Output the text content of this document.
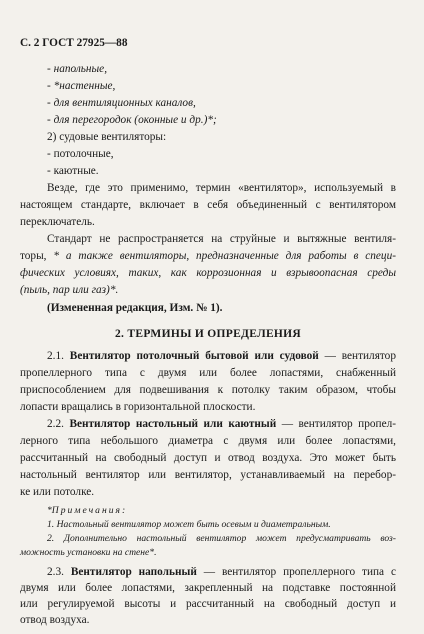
С. 2 ГОСТ 27925—88
- напольные,
- *настенные,
- для вентиляционных каналов,
- для перегородок (оконные и др.)*;
2) судовые вентиляторы:
- потолочные,
- каютные.
Везде, где это применимо, термин «вентилятор», используемый в
настоящем стандарте, включает в себя объединенный с вентилятором
переключатель.
Стандарт не распространяется на струйные и вытяжные вентиля-
торы, * а также вентиляторы, предназначенные для работы в специ-
фических условиях, таких, как коррозионная и взрывоопасная среды
(пыль, пар или газ)*.
(Измененная редакция, Изм. № 1).
2. ТЕРМИНЫ И ОПРЕДЕЛЕНИЯ
2.1. Вентилятор потолочный бытовой или судовой — вентилятор
пропеллерного типа с двумя или более лопастями, снабженный
приспособлением для подвешивания к потолку таким образом, чтобы
лопасти вращались в горизонтальной плоскости.
2.2. Вентилятор настольный или каютный — вентилятор пропел-
лерного типа небольшого диаметра с двумя или более лопастями,
рассчитанный на свободный доступ и отвод воздуха. Это может быть
настольный вентилятор или вентилятор, устанавливаемый на перебор-
ке или потолке.
*Примечания:
1. Настольный вентилятор может быть осевым и диаметральным.
2. Дополнительно настольный вентилятор может предусматривать воз-
можность установки на стене*.
2.3. Вентилятор напольный — вентилятор пропеллерного типа с
двумя или более лопастями, закрепленный на подставке постоянной
или регулируемой высоты и рассчитанный на свободный доступ и
отвод воздуха.
